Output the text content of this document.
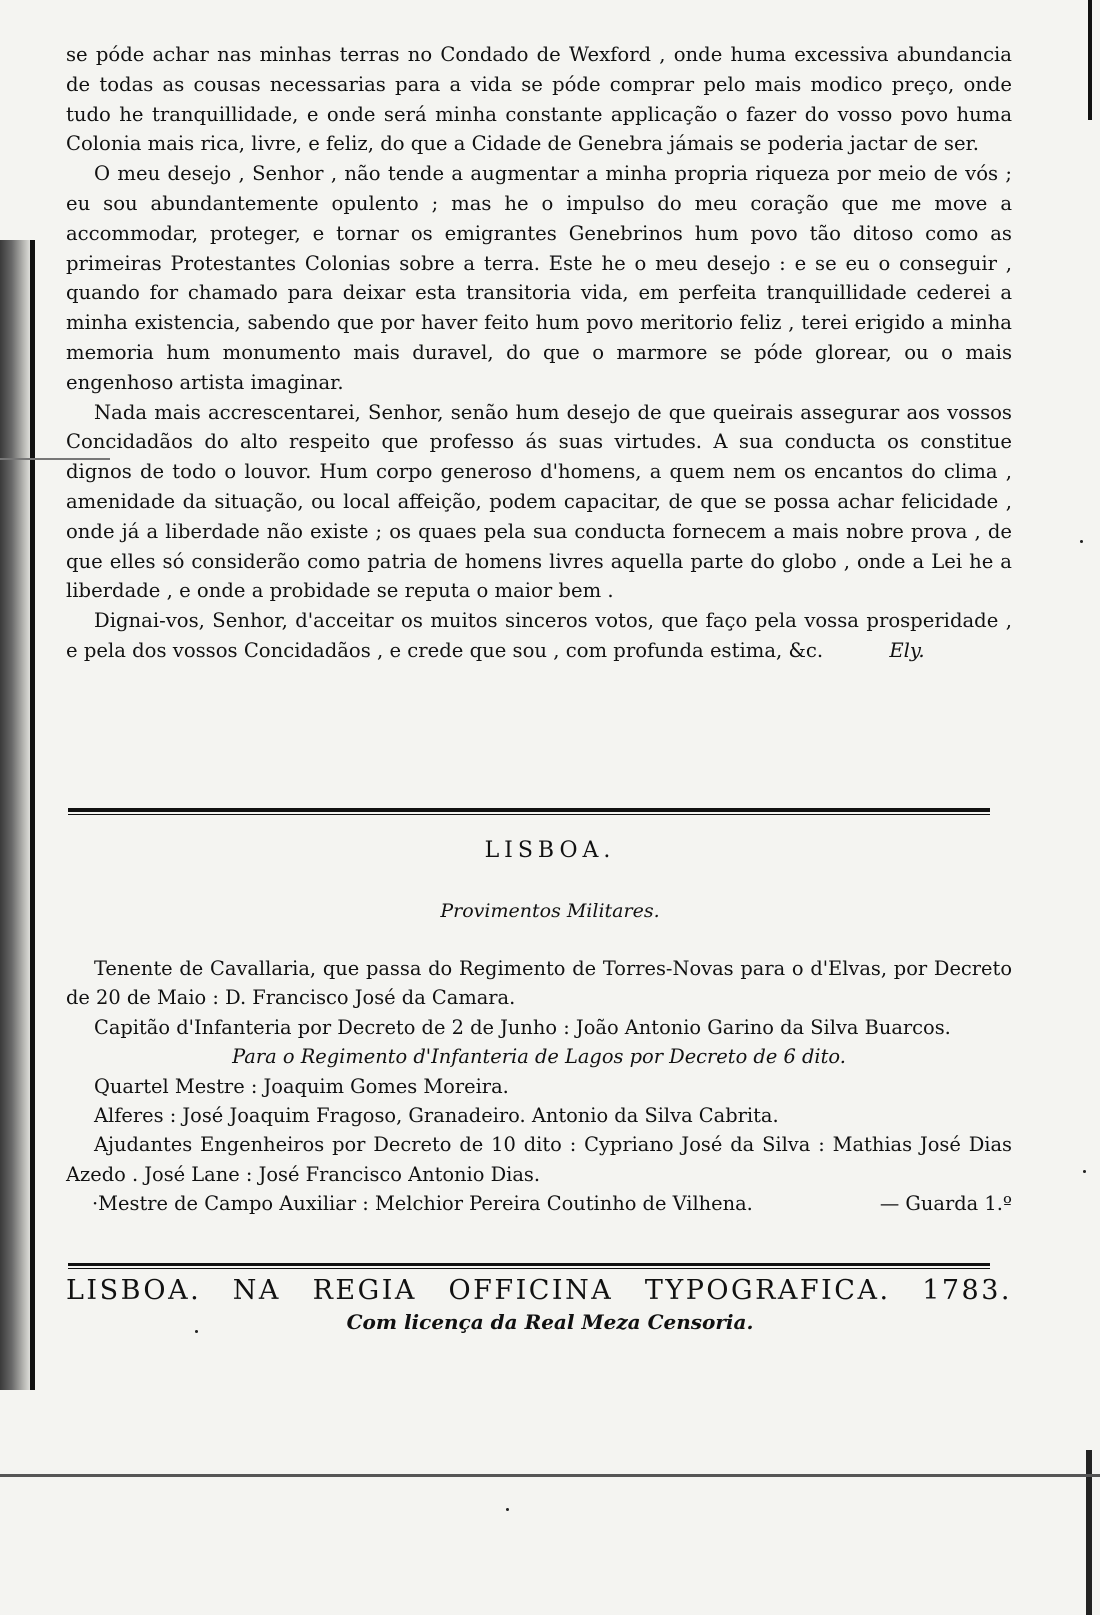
se póde achar nas minhas terras no Condado de Wexford , onde huma excessiva abundancia de todas as cousas necessarias para a vida se póde comprar pelo mais modico preço, onde tudo he tranquillidade, e onde será minha constante applicação o fazer do vosso povo huma Colonia mais rica, livre, e feliz, do que a Cidade de Genebra jámais se poderia jactar de ser.

O meu desejo , Senhor , não tende a augmentar a minha propria riqueza por meio de vós ; eu sou abundantemente opulento ; mas he o impulso do meu coração que me move a accommodar, proteger, e tornar os emigrantes Genebrinos hum povo tão ditoso como as primeiras Protestantes Colonias sobre a terra. Este he o meu desejo : e se eu o conseguir , quando for chamado para deixar esta transitoria vida, em perfeita tranquillidade cederei a minha existencia, sabendo que por haver feito hum povo meritorio feliz , terei erigido a minha memoria hum monumento mais duravel, do que o marmore se póde glorear, ou o mais engenhoso artista imaginar.

Nada mais accrescentarei, Senhor, senão hum desejo de que queirais assegurar aos vossos Concidadãos do alto respeito que professo ás suas virtudes. A sua conducta os constitue dignos de todo o louvor. Hum corpo generoso d'homens, a quem nem os encantos do clima , amenidade da situação, ou local affeição, podem capacitar, de que se possa achar felicidade , onde já a liberdade não existe ; os quaes pela sua conducta fornecem a mais nobre prova , de que elles só considerão como patria de homens livres aquella parte do globo , onde a Lei he a liberdade , e onde a probidade se reputa o maior bem .

Dignai-vos, Senhor, d'acceitar os muitos sinceros votos, que faço pela vossa prosperidade , e pela dos vossos Concidadãos , e crede que sou , com profunda estima, &c.	Ely.

LISBOA.
Provimentos Militares.

Tenente de Cavallaria, que passa do Regimento de Torres-Novas para o d'Elvas, por Decreto de 20 de Maio : D. Francisco José da Camara.

Capitão d'Infanteria por Decreto de 2 de Junho : João Antonio Garino da Silva Buarcos.

Para o Regimento d'Infanteria de Lagos por Decreto de 6 dito.

Quartel Mestre : Joaquim Gomes Moreira.

Alferes : José Joaquim Fragoso, Granadeiro. Antonio da Silva Cabrita.

Ajudantes Engenheiros por Decreto de 10 dito : Cypriano José da Silva : Mathias José Dias Azedo . José Lane : José Francisco Antonio Dias.

·Mestre de Campo Auxiliar : Melchior Pereira Coutinho de Vilhena.	— Guarda 1.º

LISBOA. NA REGIA OFFICINA TYPOGRAFICA. 1783.
Com licença da Real Meza Censoria.
